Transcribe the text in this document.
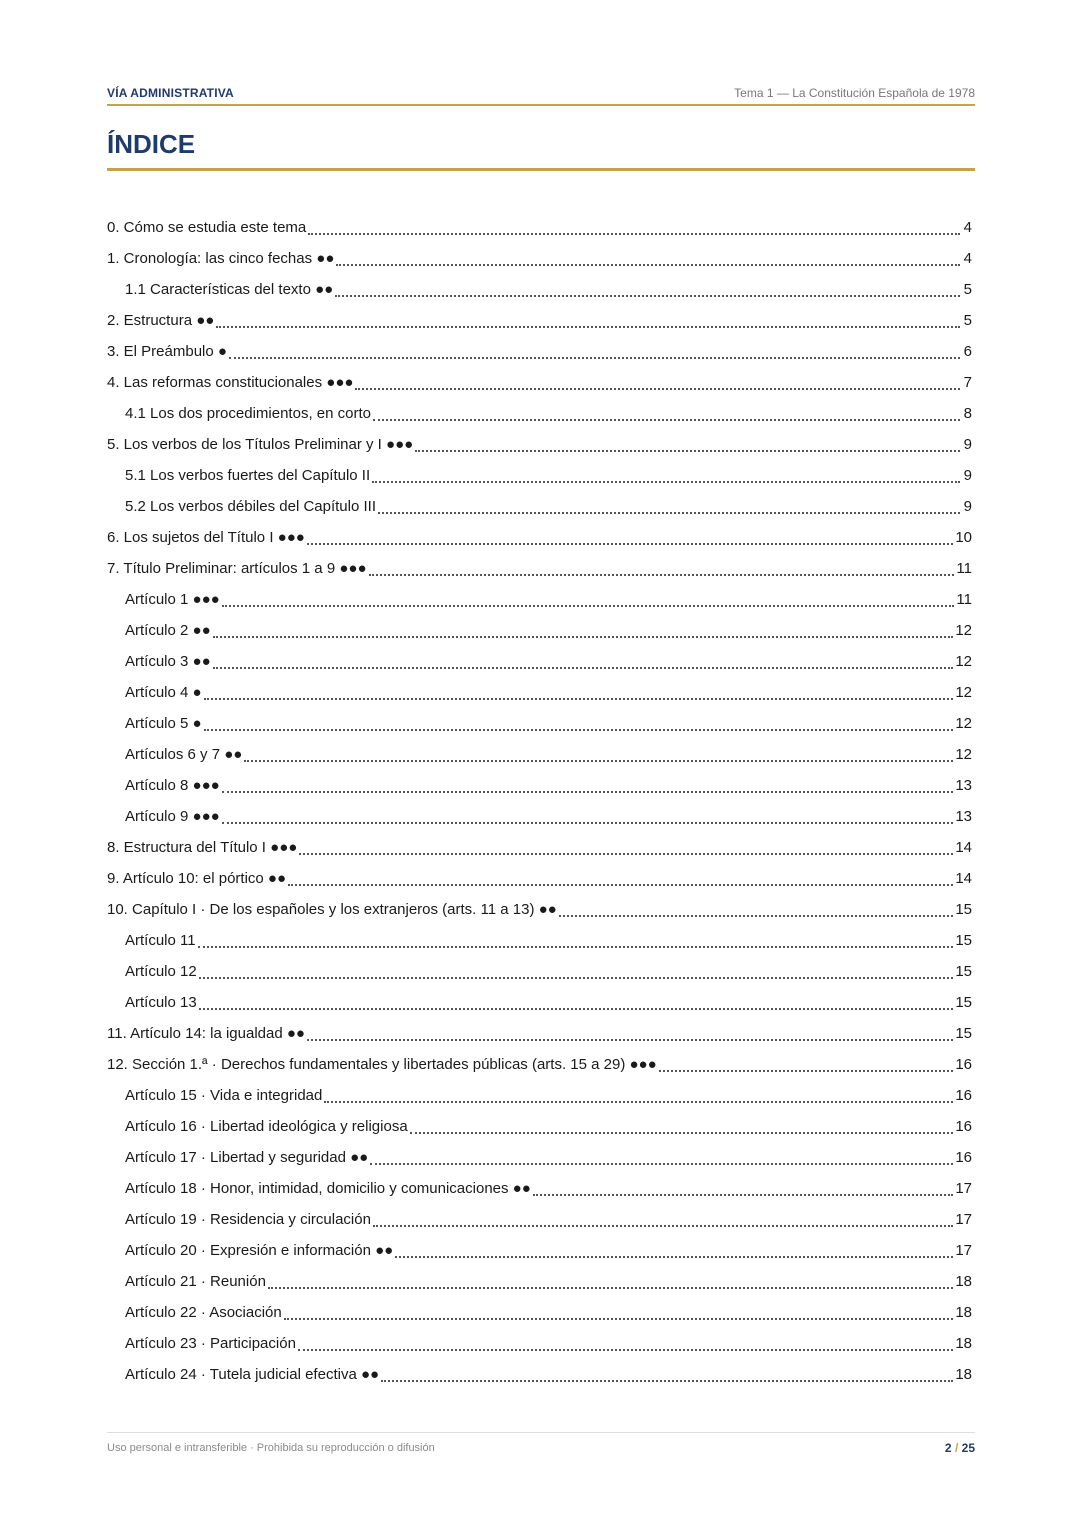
VÍA ADMINISTRATIVA	Tema 1 — La Constitución Española de 1978
ÍNDICE
0. Cómo se estudia este tema	4
1. Cronología: las cinco fechas ●●	4
1.1 Características del texto ●●	5
2. Estructura ●●	5
3. El Preámbulo ●	6
4. Las reformas constitucionales ●●●	7
4.1 Los dos procedimientos, en corto	8
5. Los verbos de los Títulos Preliminar y I ●●●	9
5.1 Los verbos fuertes del Capítulo II	9
5.2 Los verbos débiles del Capítulo III	9
6. Los sujetos del Título I ●●●	10
7. Título Preliminar: artículos 1 a 9 ●●●	11
Artículo 1 ●●●	11
Artículo 2 ●●	12
Artículo 3 ●●	12
Artículo 4 ●	12
Artículo 5 ●	12
Artículos 6 y 7 ●●	12
Artículo 8 ●●●	13
Artículo 9 ●●●	13
8. Estructura del Título I ●●●	14
9. Artículo 10: el pórtico ●●	14
10. Capítulo I · De los españoles y los extranjeros (arts. 11 a 13) ●●	15
Artículo 11	15
Artículo 12	15
Artículo 13	15
11. Artículo 14: la igualdad ●●	15
12. Sección 1.ª · Derechos fundamentales y libertades públicas (arts. 15 a 29) ●●●	16
Artículo 15 · Vida e integridad	16
Artículo 16 · Libertad ideológica y religiosa	16
Artículo 17 · Libertad y seguridad ●●	16
Artículo 18 · Honor, intimidad, domicilio y comunicaciones ●●	17
Artículo 19 · Residencia y circulación	17
Artículo 20 · Expresión e información ●●	17
Artículo 21 · Reunión	18
Artículo 22 · Asociación	18
Artículo 23 · Participación	18
Artículo 24 · Tutela judicial efectiva ●●	18
Uso personal e intransferible · Prohibida su reproducción o difusión	2 / 25
